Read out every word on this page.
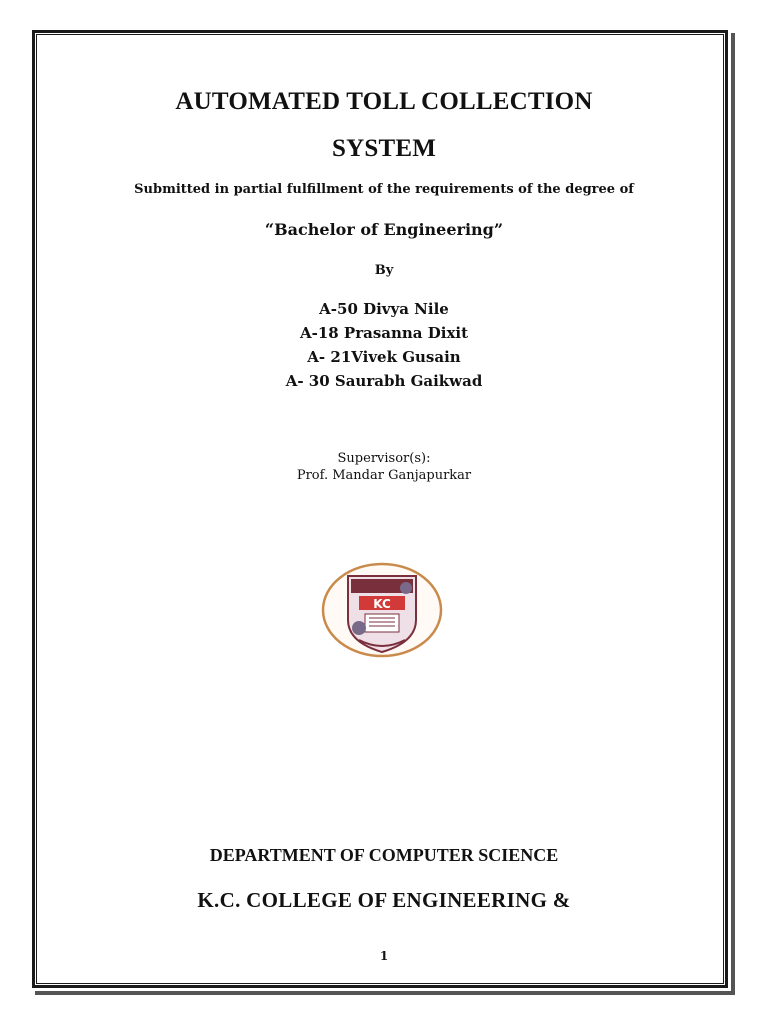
AUTOMATED TOLL COLLECTION
SYSTEM
Submitted in partial fulfillment of the requirements of the degree of
“Bachelor of Engineering”
By
A-50 Divya Nile
A-18 Prasanna Dixit
A- 21Vivek Gusain
A- 30 Saurabh Gaikwad
Supervisor(s):
Prof. Mandar Ganjapurkar
KC
DEPARTMENT OF COMPUTER SCIENCE
K.C. COLLEGE OF ENGINEERING &
1
